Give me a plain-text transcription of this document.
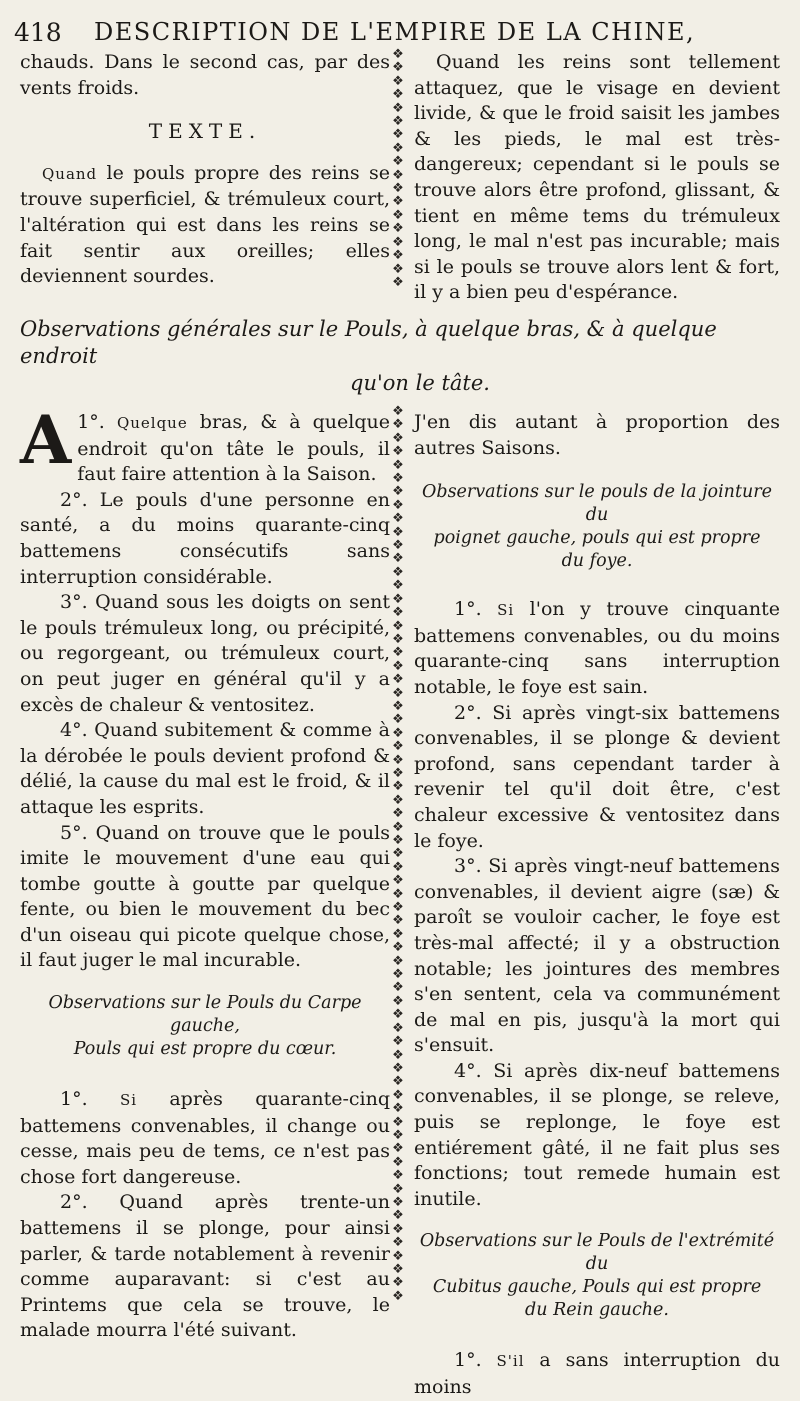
418 DESCRIPTION DE L'EMPIRE DE LA CHINE,
❖
❖
❖
❖
❖
❖
❖
❖
❖
❖
❖
❖
❖
❖
❖
❖
❖
❖

chauds. Dans le second cas, par des vents froids.

TEXTE.

Quand le pouls propre des reins se trouve superficiel, & trémuleux court, l'altération qui est dans les reins se fait sentir aux oreilles; elles deviennent sourdes.

Quand les reins sont tellement attaquez, que le visage en devient livide, & que le froid saisit les jambes & les pieds, le mal est très-dangereux; cependant si le pouls se trouve alors être profond, glissant, & tient en même tems du trémuleux long, le mal n'est pas incurable; mais si le pouls se trouve alors lent & fort, il y a bien peu d'espérance.

Observations générales sur le Pouls, à quelque bras, & à quelque endroit
qu'on le tâte.
❖
❖
❖
❖
❖
❖
❖
❖
❖
❖
❖
❖
❖
❖
❖
❖
❖
❖
❖
❖
❖
❖
❖
❖
❖
❖
❖
❖
❖
❖
❖
❖
❖
❖
❖
❖
❖
❖
❖
❖
❖
❖
❖
❖
❖
❖
❖
❖
❖
❖
❖
❖
❖
❖
❖
❖
❖
❖
❖
❖
❖
❖
❖
❖
❖
❖
❖

1°.
A	Quelque bras, & à quelque endroit qu'on tâte le pouls, il faut faire attention à la Saison.

2°. Le pouls d'une personne en santé, a du moins quarante-cinq battemens consécutifs sans interruption considérable.

3°. Quand sous les doigts on sent le pouls trémuleux long, ou précipité, ou regorgeant, ou trémuleux court, on peut juger en général qu'il y a excès de chaleur & ventositez.

4°. Quand subitement & comme à la dérobée le pouls devient profond & délié, la cause du mal est le froid, & il attaque les esprits.

5°. Quand on trouve que le pouls imite le mouvement d'une eau qui tombe goutte à goutte par quelque fente, ou bien le mouvement du bec d'un oiseau qui picote quelque chose, il faut juger le mal incurable.

Observations sur le Pouls du Carpe gauche,
Pouls qui est propre du cœur.

1°. Si après quarante-cinq battemens convenables, il change ou cesse, mais peu de tems, ce n'est pas chose fort dangereuse.

2°. Quand après trente-un battemens il se plonge, pour ainsi parler, & tarde notablement à revenir comme auparavant: si c'est au Printems que cela se trouve, le malade mourra l'été suivant.

J'en dis autant à proportion des autres Saisons.

Observations sur le pouls de la jointure du
poignet gauche, pouls qui est propre
du foye.

1°. Si l'on y trouve cinquante battemens convenables, ou du moins quarante-cinq sans interruption notable, le foye est sain.

2°. Si après vingt-six battemens convenables, il se plonge & devient profond, sans cependant tarder à revenir tel qu'il doit être, c'est chaleur excessive & ventositez dans le foye.

3°. Si après vingt-neuf battemens convenables, il devient aigre (sæ) & paroît se vouloir cacher, le foye est très-mal affecté; il y a obstruction notable; les jointures des membres s'en sentent, cela va communément de mal en pis, jusqu'à la mort qui s'ensuit.

4°. Si après dix-neuf battemens convenables, il se plonge, se releve, puis se replonge, le foye est entiérement gâté, il ne fait plus ses fonctions; tout remede humain est inutile.

Observations sur le Pouls de l'extrémité du
Cubitus gauche, Pouls qui est propre
du Rein gauche.

1°. S'il a sans interruption du moins
